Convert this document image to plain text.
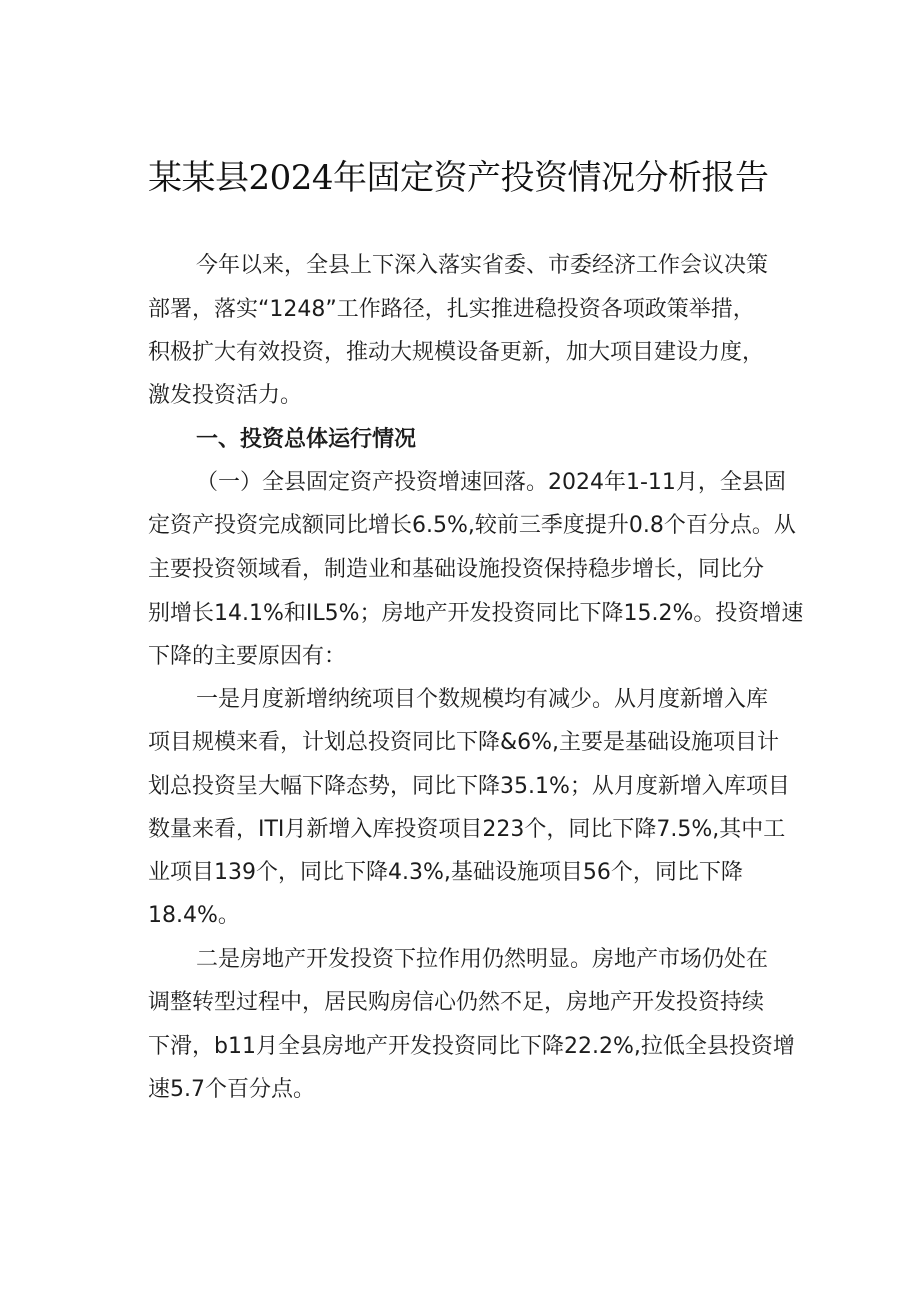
某某县2024年固定资产投资情况分析报告
今年以来，全县上下深入落实省委、市委经济工作会议决策
部署，落实“1248”工作路径，扎实推进稳投资各项政策举措，
积极扩大有效投资，推动大规模设备更新，加大项目建设力度，
激发投资活力。
一、投资总体运行情况
（一）全县固定资产投资增速回落。2024年1-11月，全县固
定资产投资完成额同比增长6.5%,较前三季度提升0.8个百分点。从
主要投资领域看，制造业和基础设施投资保持稳步增长，同比分
别增长14.1%和IL5%；房地产开发投资同比下降15.2%。投资增速
下降的主要原因有：
一是月度新增纳统项目个数规模均有减少。从月度新增入库
项目规模来看，计划总投资同比下降&6%,主要是基础设施项目计
划总投资呈大幅下降态势，同比下降35.1%；从月度新增入库项目
数量来看，ITI月新增入库投资项目223个，同比下降7.5%,其中工
业项目139个，同比下降4.3%,基础设施项目56个，同比下降
18.4%。
二是房地产开发投资下拉作用仍然明显。房地产市场仍处在
调整转型过程中，居民购房信心仍然不足，房地产开发投资持续
下滑，b11月全县房地产开发投资同比下降22.2%,拉低全县投资增
速5.7个百分点。
